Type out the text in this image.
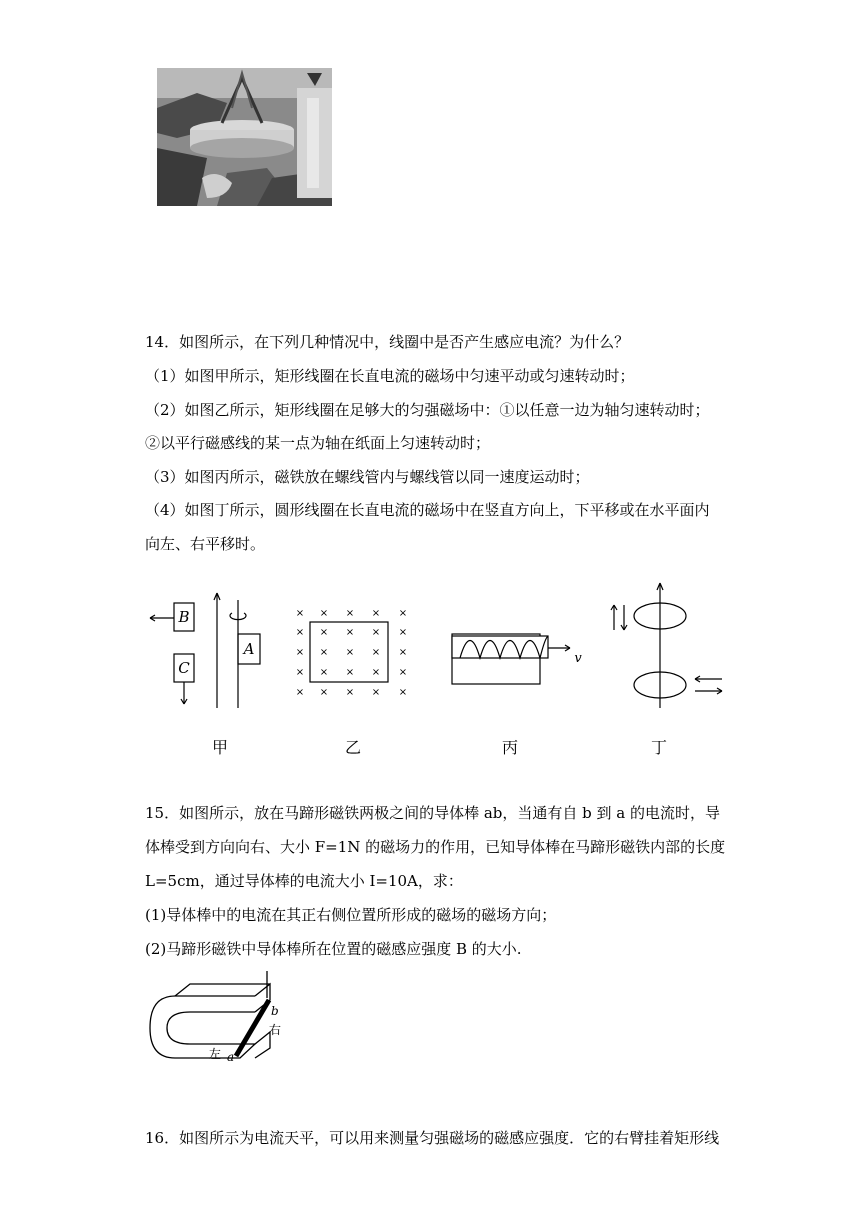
14．如图所示，在下列几种情况中，线圈中是否产生感应电流？为什么？
（1）如图甲所示，矩形线圈在长直电流的磁场中匀速平动或匀速转动时；
（2）如图乙所示，矩形线圈在足够大的匀强磁场中：①以任意一边为轴匀速转动时；
②以平行磁感线的某一点为轴在纸面上匀速转动时；
（3）如图丙所示，磁铁放在螺线管内与螺线管以同一速度运动时；
（4）如图丁所示，圆形线圈在长直电流的磁场中在竖直方向上，下平移或在水平面内
向左、右平移时。
× × × × ×
× × × × ×
× × × × ×
× × × × ×
× × × × ×
B
C
A
v
甲	乙	丙	丁
15．如图所示，放在马蹄形磁铁两极之间的导体棒 ab，当通有自 b 到 a 的电流时，导
体棒受到方向向右、大小 F=1N 的磁场力的作用，已知导体棒在马蹄形磁铁内部的长度
L=5cm，通过导体棒的电流大小 I=10A，求：
(1)导体棒中的电流在其正右侧位置所形成的磁场的磁场方向；
(2)马蹄形磁铁中导体棒所在位置的磁感应强度 B 的大小.
b
右
左 a
16．如图所示为电流天平，可以用来测量匀强磁场的磁感应强度．它的右臂挂着矩形线
